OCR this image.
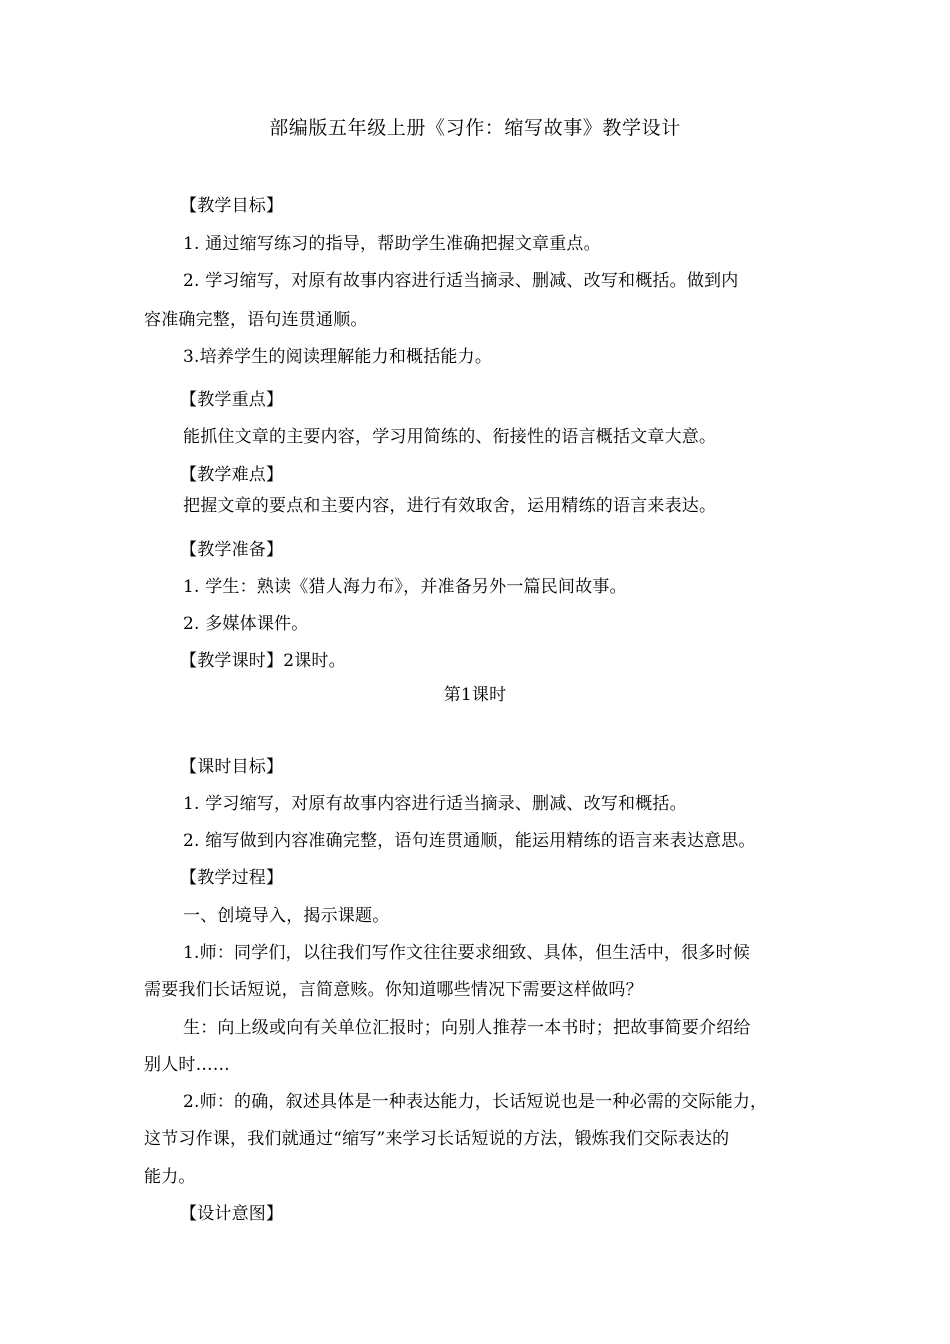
部编版五年级上册《习作：缩写故事》教学设计
【教学目标】
1. 通过缩写练习的指导，帮助学生准确把握文章重点。
2. 学习缩写，对原有故事内容进行适当摘录、删减、改写和概括。做到内
容准确完整，语句连贯通顺。
3.培养学生的阅读理解能力和概括能力。
【教学重点】
能抓住文章的主要内容，学习用简练的、衔接性的语言概括文章大意。
【教学难点】
把握文章的要点和主要内容，进行有效取舍，运用精练的语言来表达。
【教学准备】
1. 学生：熟读《猎人海力布》，并准备另外一篇民间故事。
2. 多媒体课件。
【教学课时】2课时。
第1课时
【课时目标】
1. 学习缩写，对原有故事内容进行适当摘录、删减、改写和概括。
2. 缩写做到内容准确完整，语句连贯通顺，能运用精练的语言来表达意思。
【教学过程】
一、创境导入，揭示课题。
1.师：同学们，以往我们写作文往往要求细致、具体，但生活中，很多时候
需要我们长话短说，言简意赅。你知道哪些情况下需要这样做吗？
生：向上级或向有关单位汇报时；向别人推荐一本书时；把故事简要介绍给
别人时……
2.师：的确，叙述具体是一种表达能力，长话短说也是一种必需的交际能力，
这节习作课，我们就通过“缩写”来学习长话短说的方法，锻炼我们交际表达的
能力。
【设计意图】
